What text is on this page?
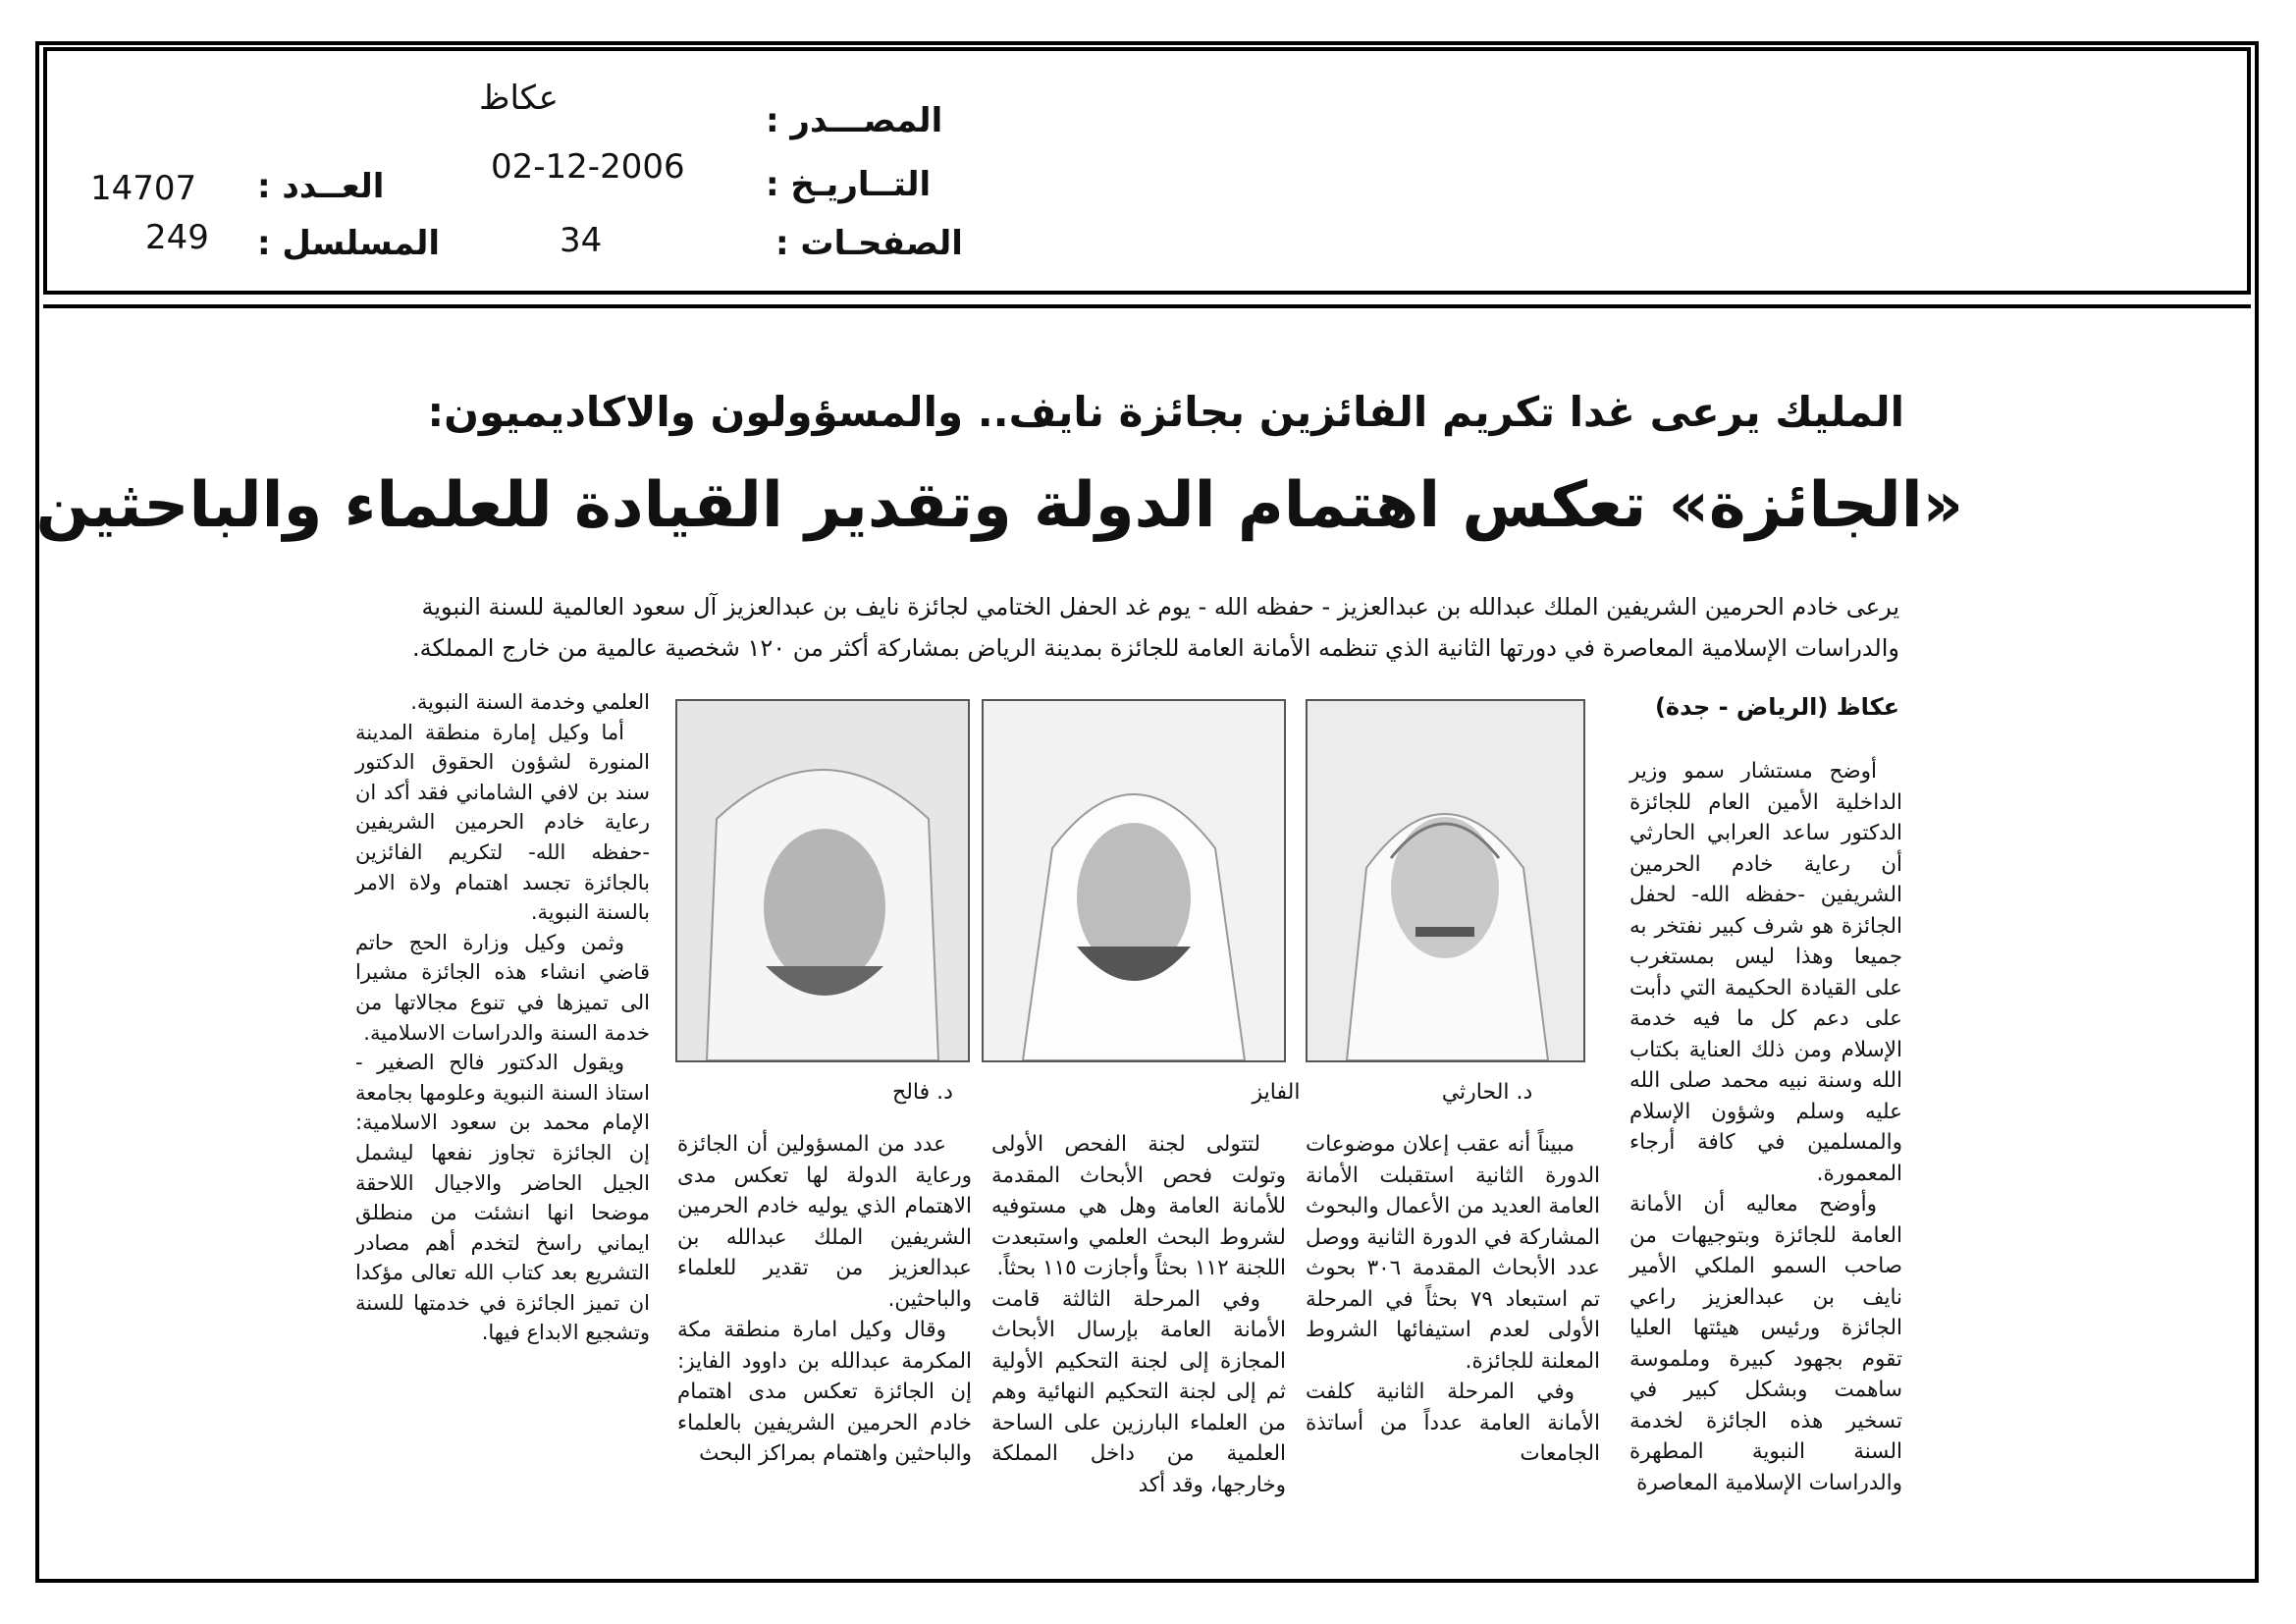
عكاظ
المصـــدر :
02-12-2006 التــاريـخ :
34	الصفحـات :
14707 العــدد :
249 المسلسل :
المليك يرعى غدا تكريم الفائزين بجائزة نايف.. والمسؤولون والاكاديميون:
«الجائزة» تعكس اهتمام الدولة وتقدير القيادة للعلماء والباحثين
يرعى خادم الحرمين الشريفين الملك عبدالله بن عبدالعزيز - حفظه الله - يوم غد الحفل الختامي لجائزة نايف بن عبدالعزيز آل سعود العالمية للسنة النبوية
والدراسات الإسلامية المعاصرة في دورتها الثانية الذي تنظمه الأمانة العامة للجائزة بمدينة الرياض بمشاركة أكثر من ١٢٠ شخصية عالمية من خارج المملكة.
عكاظ (الرياض - جدة)
د. الحارثي
الفايز
د. فالح

أوضح مستشار سمو وزير الداخلية الأمين العام للجائزة الدكتور ساعد العرابي الحارثي أن رعاية خادم الحرمين الشريفين -حفظه الله- لحفل الجائزة هو شرف كبير نفتخر به جميعا وهذا ليس بمستغرب على القيادة الحكيمة التي دأبت على دعم كل ما فيه خدمة الإسلام ومن ذلك العناية بكتاب الله وسنة نبيه محمد صلى الله عليه وسلم وشؤون الإسلام والمسلمين في كافة أرجاء المعمورة.

وأوضح معاليه أن الأمانة العامة للجائزة وبتوجيهات من صاحب السمو الملكي الأمير نايف بن عبدالعزيز راعي الجائزة ورئيس هيئتها العليا تقوم بجهود كبيرة وملموسة ساهمت وبشكل كبير في تسخير هذه الجائزة لخدمة السنة النبوية المطهرة والدراسات الإسلامية المعاصرة

مبيناً أنه عقب إعلان موضوعات الدورة الثانية استقبلت الأمانة العامة العديد من الأعمال والبحوث المشاركة في الدورة الثانية ووصل عدد الأبحاث المقدمة ٣٠٦ بحوث تم استبعاد ٧٩ بحثاً في المرحلة الأولى لعدم استيفائها الشروط المعلنة للجائزة.

وفي المرحلة الثانية كلفت الأمانة العامة عدداً من أساتذة الجامعات

لتتولى لجنة الفحص الأولى وتولت فحص الأبحاث المقدمة للأمانة العامة وهل هي مستوفيه لشروط البحث العلمي واستبعدت اللجنة ١١٢ بحثاً وأجازت ١١٥ بحثاً.

وفي المرحلة الثالثة قامت الأمانة العامة بإرسال الأبحاث المجازة إلى لجنة التحكيم الأولية ثم إلى لجنة التحكيم النهائية وهم من العلماء البارزين على الساحة العلمية من داخل المملكة وخارجها، وقد أكد

عدد من المسؤولين أن الجائزة ورعاية الدولة لها تعكس مدى الاهتمام الذي يوليه خادم الحرمين الشريفين الملك عبدالله بن عبدالعزيز من تقدير للعلماء والباحثين.

وقال وكيل امارة منطقة مكة المكرمة عبدالله بن داوود الفايز: إن الجائزة تعكس مدى اهتمام خادم الحرمين الشريفين بالعلماء والباحثين واهتمام بمراكز البحث

العلمي وخدمة السنة النبوية.

أما وكيل إمارة منطقة المدينة المنورة لشؤون الحقوق الدكتور سند بن لافي الشاماني فقد أكد ان رعاية خادم الحرمين الشريفين -حفظه الله- لتكريم الفائزين بالجائزة تجسد اهتمام ولاة الامر بالسنة النبوية.

وثمن وكيل وزارة الحج حاتم قاضي انشاء هذه الجائزة مشيرا الى تميزها في تنوع مجالاتها من خدمة السنة والدراسات الاسلامية.

ويقول الدكتور فالح الصغير - استاذ السنة النبوية وعلومها بجامعة الإمام محمد بن سعود الاسلامية: إن الجائزة تجاوز نفعها ليشمل الجيل الحاضر والاجيال اللاحقة موضحا انها انشئت من منطلق ايماني راسخ لتخدم أهم مصادر التشريع بعد كتاب الله تعالى مؤكدا ان تميز الجائزة في خدمتها للسنة وتشجيع الابداع فيها.
